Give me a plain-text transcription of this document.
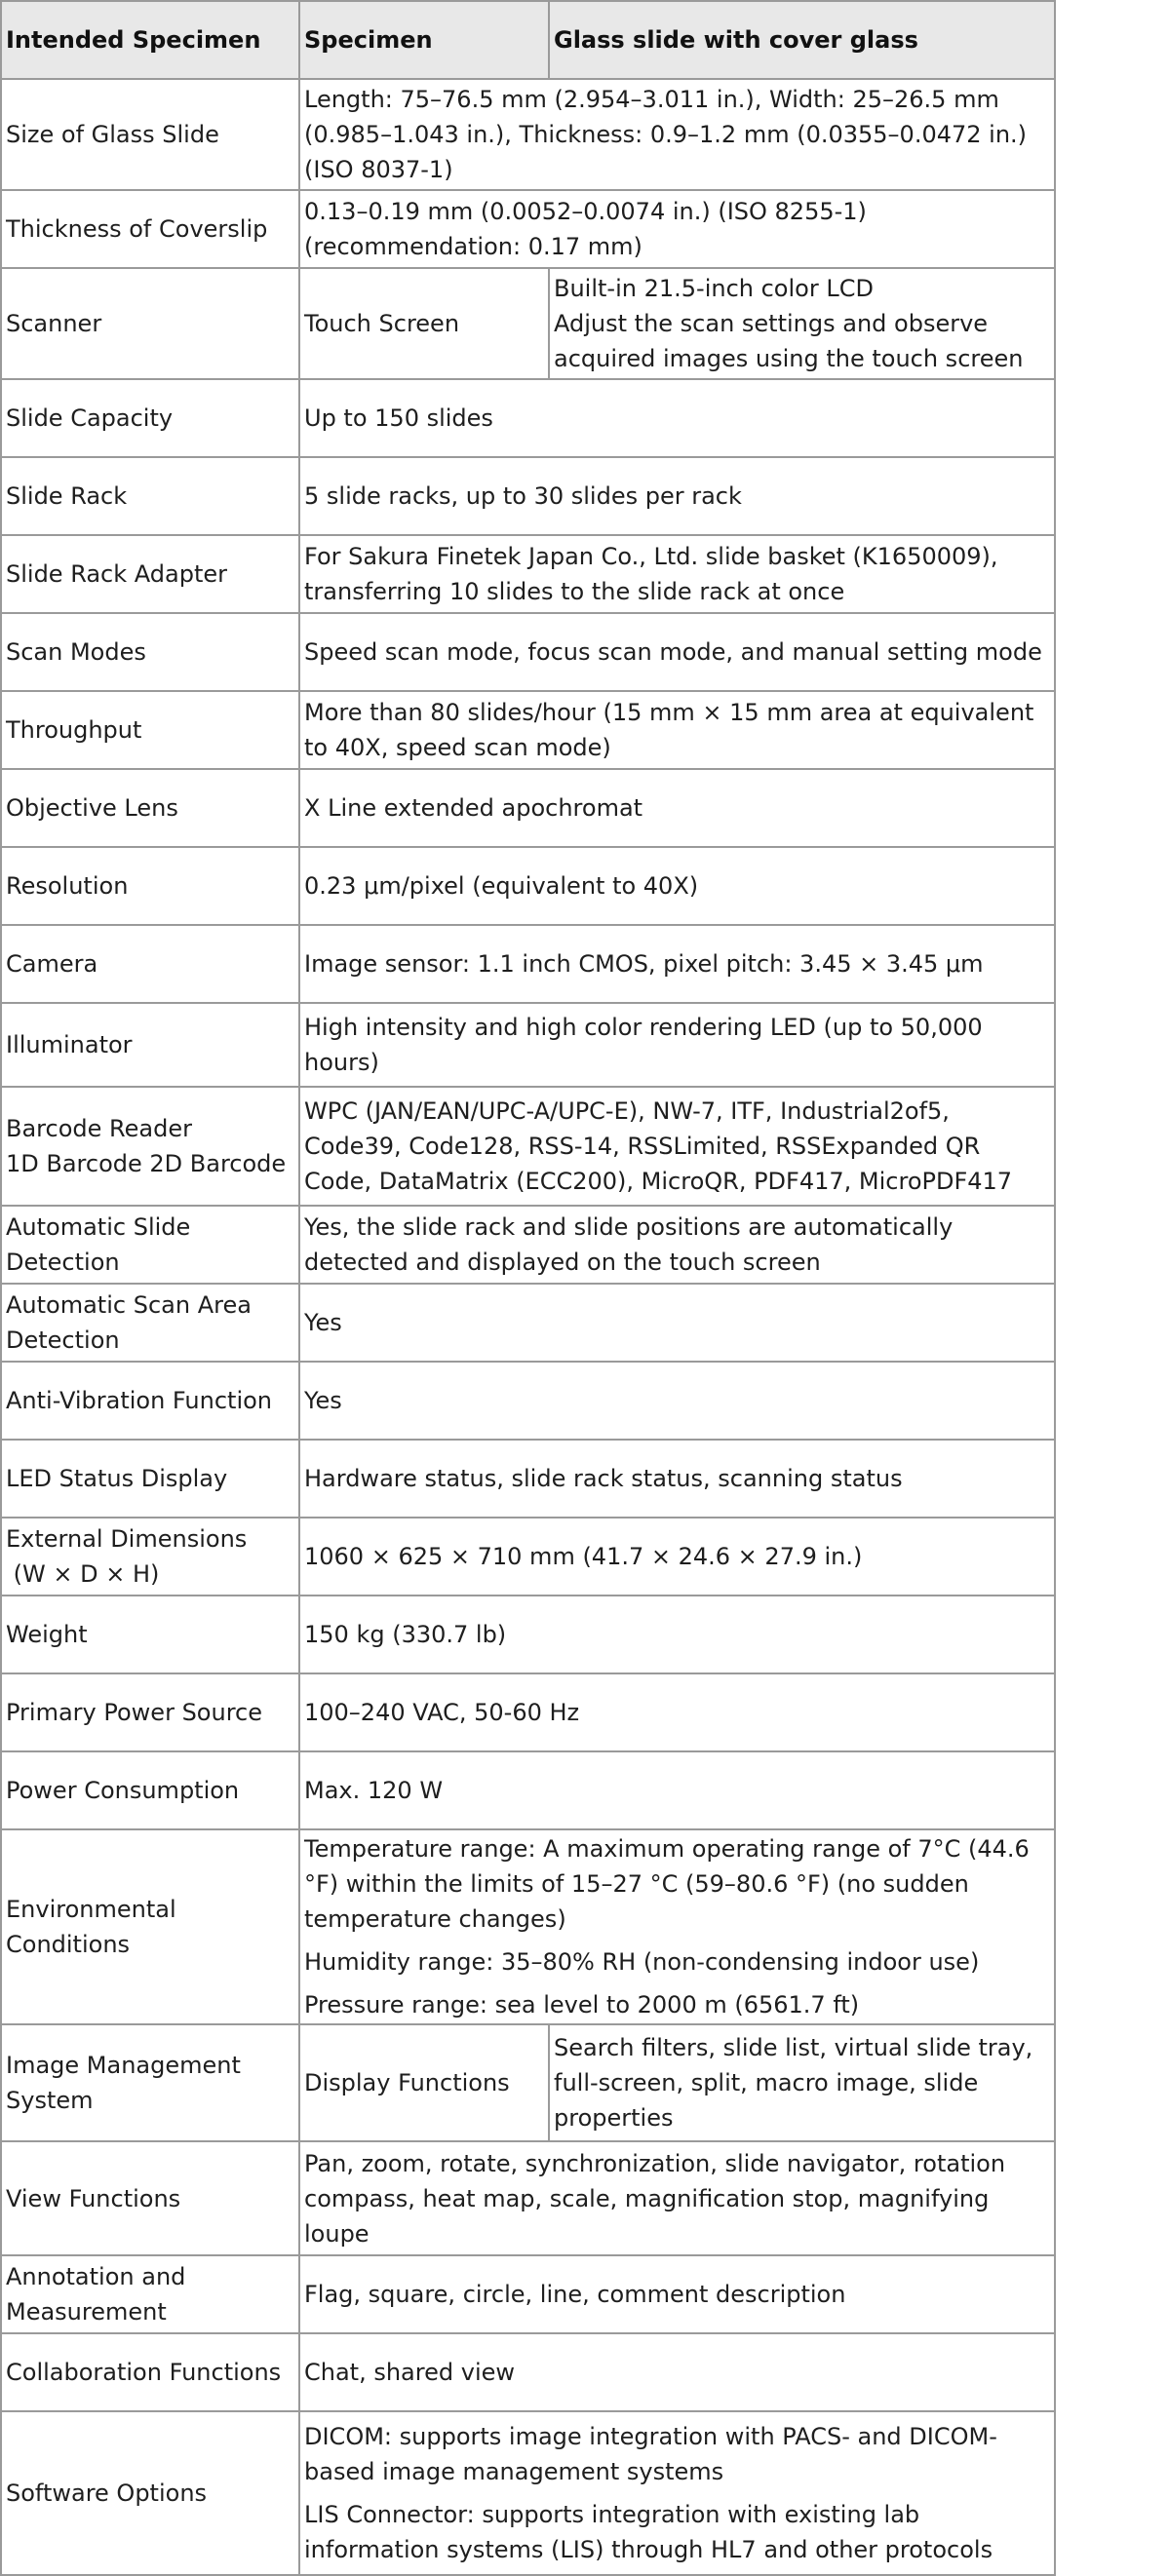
Intended Specimen	Specimen	Glass slide with cover glass
Size of Glass Slide	Length: 75–76.5 mm (2.954–3.011 in.), Width: 25–26.5 mm (0.985–1.043 in.), Thickness: 0.9–1.2 mm (0.0355–0.0472 in.) (ISO 8037-1)	
Thickness of Coverslip	0.13–0.19 mm (0.0052–0.0074 in.) (ISO 8255-1) (recommendation: 0.17 mm)	
Scanner	Touch Screen	Built-in 21.5-inch color LCD
Adjust the scan settings and observe acquired images using the touch screen

Slide Capacity	Up to 150 slides	
Slide Rack	5 slide racks, up to 30 slides per rack	
Slide Rack Adapter	For Sakura Finetek Japan Co., Ltd. slide basket (K1650009), transferring 10 slides to the slide rack at once	
Scan Modes	Speed scan mode, focus scan mode, and manual setting mode	
Throughput	More than 80 slides/hour (15 mm × 15 mm area at equivalent to 40X, speed scan mode)	
Objective Lens	X Line extended apochromat	
Resolution	0.23 μm/pixel (equivalent to 40X)	
Camera	Image sensor: 1.1 inch CMOS, pixel pitch: 3.45 × 3.45 μm	
Illuminator	High intensity and high color rendering LED (up to 50,000 hours)	

Barcode Reader
1D Barcode 2D Barcode	WPC (JAN/EAN/UPC-A/UPC-E), NW-7, ITF, Industrial2of5, Code39, Code128, RSS-14, RSSLimited, RSSExpanded QR Code, DataMatrix (ECC200), MicroQR, PDF417, MicroPDF417	
Automatic Slide Detection	Yes, the slide rack and slide positions are automatically detected and displayed on the touch screen	
Automatic Scan Area Detection	Yes	
Anti-Vibration Function	Yes	
LED Status Display	Hardware status, slide rack status, scanning status	

External Dimensions
(W × D × H)	1060 × 625 × 710 mm (41.7 × 24.6 × 27.9 in.)	
Weight	150 kg (330.7 lb)	
Primary Power Source	100–240 VAC, 50-60 Hz	
Power Consumption	Max. 120 W	
Environmental Conditions	Temperature range: A maximum operating range of 7°C (44.6 °F) within the limits of 15–27 °C (59–80.6 °F) (no sudden temperature changes)

Humidity range: 35–80% RH (non-condensing indoor use)

Pressure range: sea level to 2000 m (6561.7 ft)	

Image Management System	Display Functions	Search filters, slide list, virtual slide tray, full-screen, split, macro image, slide properties
View Functions	Pan, zoom, rotate, synchronization, slide navigator, rotation compass, heat map, scale, magnification stop, magnifying loupe	
Annotation and Measurement	Flag, square, circle, line, comment description	
Collaboration Functions	Chat, shared view	
Software Options	DICOM: supports image integration with PACS- and DICOM-based image management systems

LIS Connector: supports integration with existing lab information systems (LIS) through HL7 and other protocols	
